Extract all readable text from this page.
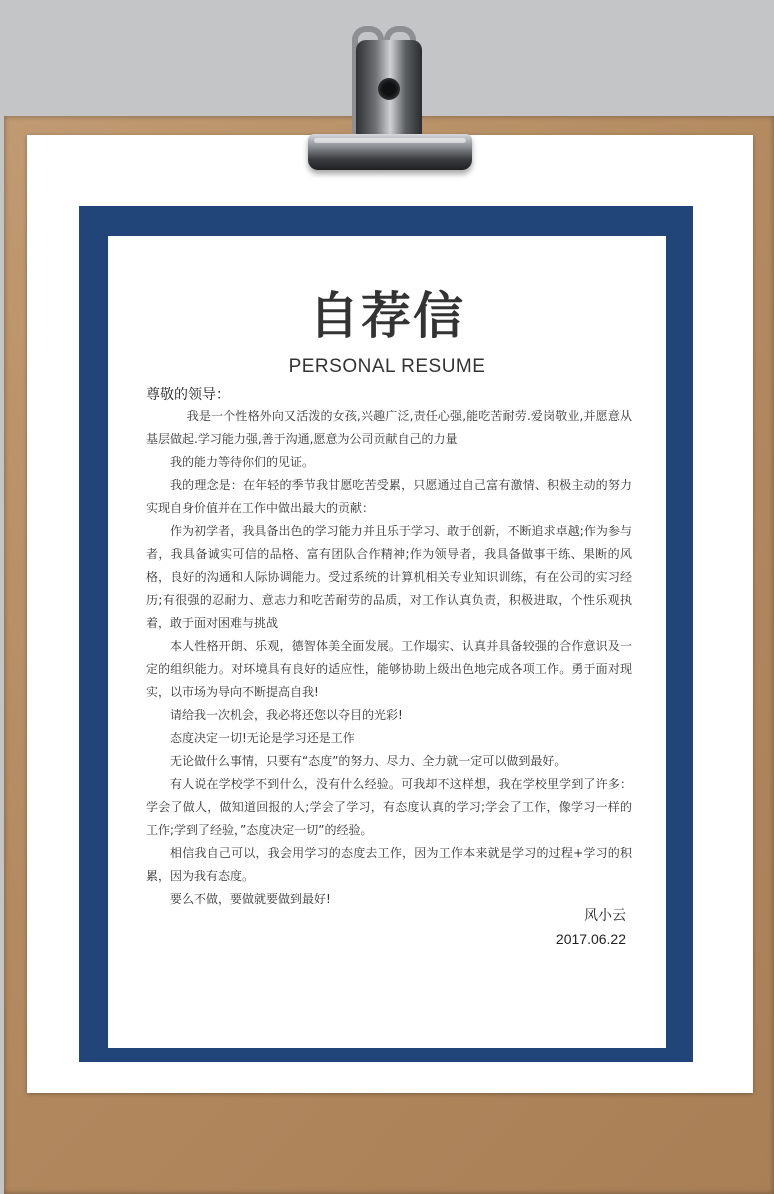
自荐信
PERSONAL RESUME
尊敬的领导：

我是一个性格外向又活泼的女孩,兴趣广泛,责任心强,能吃苦耐劳.爱岗敬业,并愿意从基层做起.学习能力强,善于沟通,愿意为公司贡献自己的力量

我的能力等待你们的见证。

我的理念是：在年轻的季节我甘愿吃苦受累，只愿通过自己富有激情、积极主动的努力实现自身价值并在工作中做出最大的贡献：

作为初学者，我具备出色的学习能力并且乐于学习、敢于创新，不断追求卓越;作为参与者，我具备诚实可信的品格、富有团队合作精神;作为领导者，我具备做事干练、果断的风格，良好的沟通和人际协调能力。受过系统的计算机相关专业知识训练，有在公司的实习经历;有很强的忍耐力、意志力和吃苦耐劳的品质，对工作认真负责，积极进取，个性乐观执着，敢于面对困难与挑战

本人性格开朗、乐观，德智体美全面发展。工作塌实、认真并具备较强的合作意识及一定的组织能力。对环境具有良好的适应性，能够协助上级出色地完成各项工作。勇于面对现实，以市场为导向不断提高自我!

请给我一次机会，我必将还您以夺目的光彩!

态度决定一切!无论是学习还是工作

无论做什么事情，只要有“态度”的努力、尽力、全力就一定可以做到最好。

有人说在学校学不到什么，没有什么经验。可我却不这样想，我在学校里学到了许多：学会了做人，做知道回报的人;学会了学习，有态度认真的学习;学会了工作，像学习一样的工作;学到了经验，”态度决定一切”的经验。

相信我自己可以，我会用学习的态度去工作，因为工作本来就是学习的过程+学习的积累，因为我有态度。

要么不做，要做就要做到最好!

风小云
2017.06.22
